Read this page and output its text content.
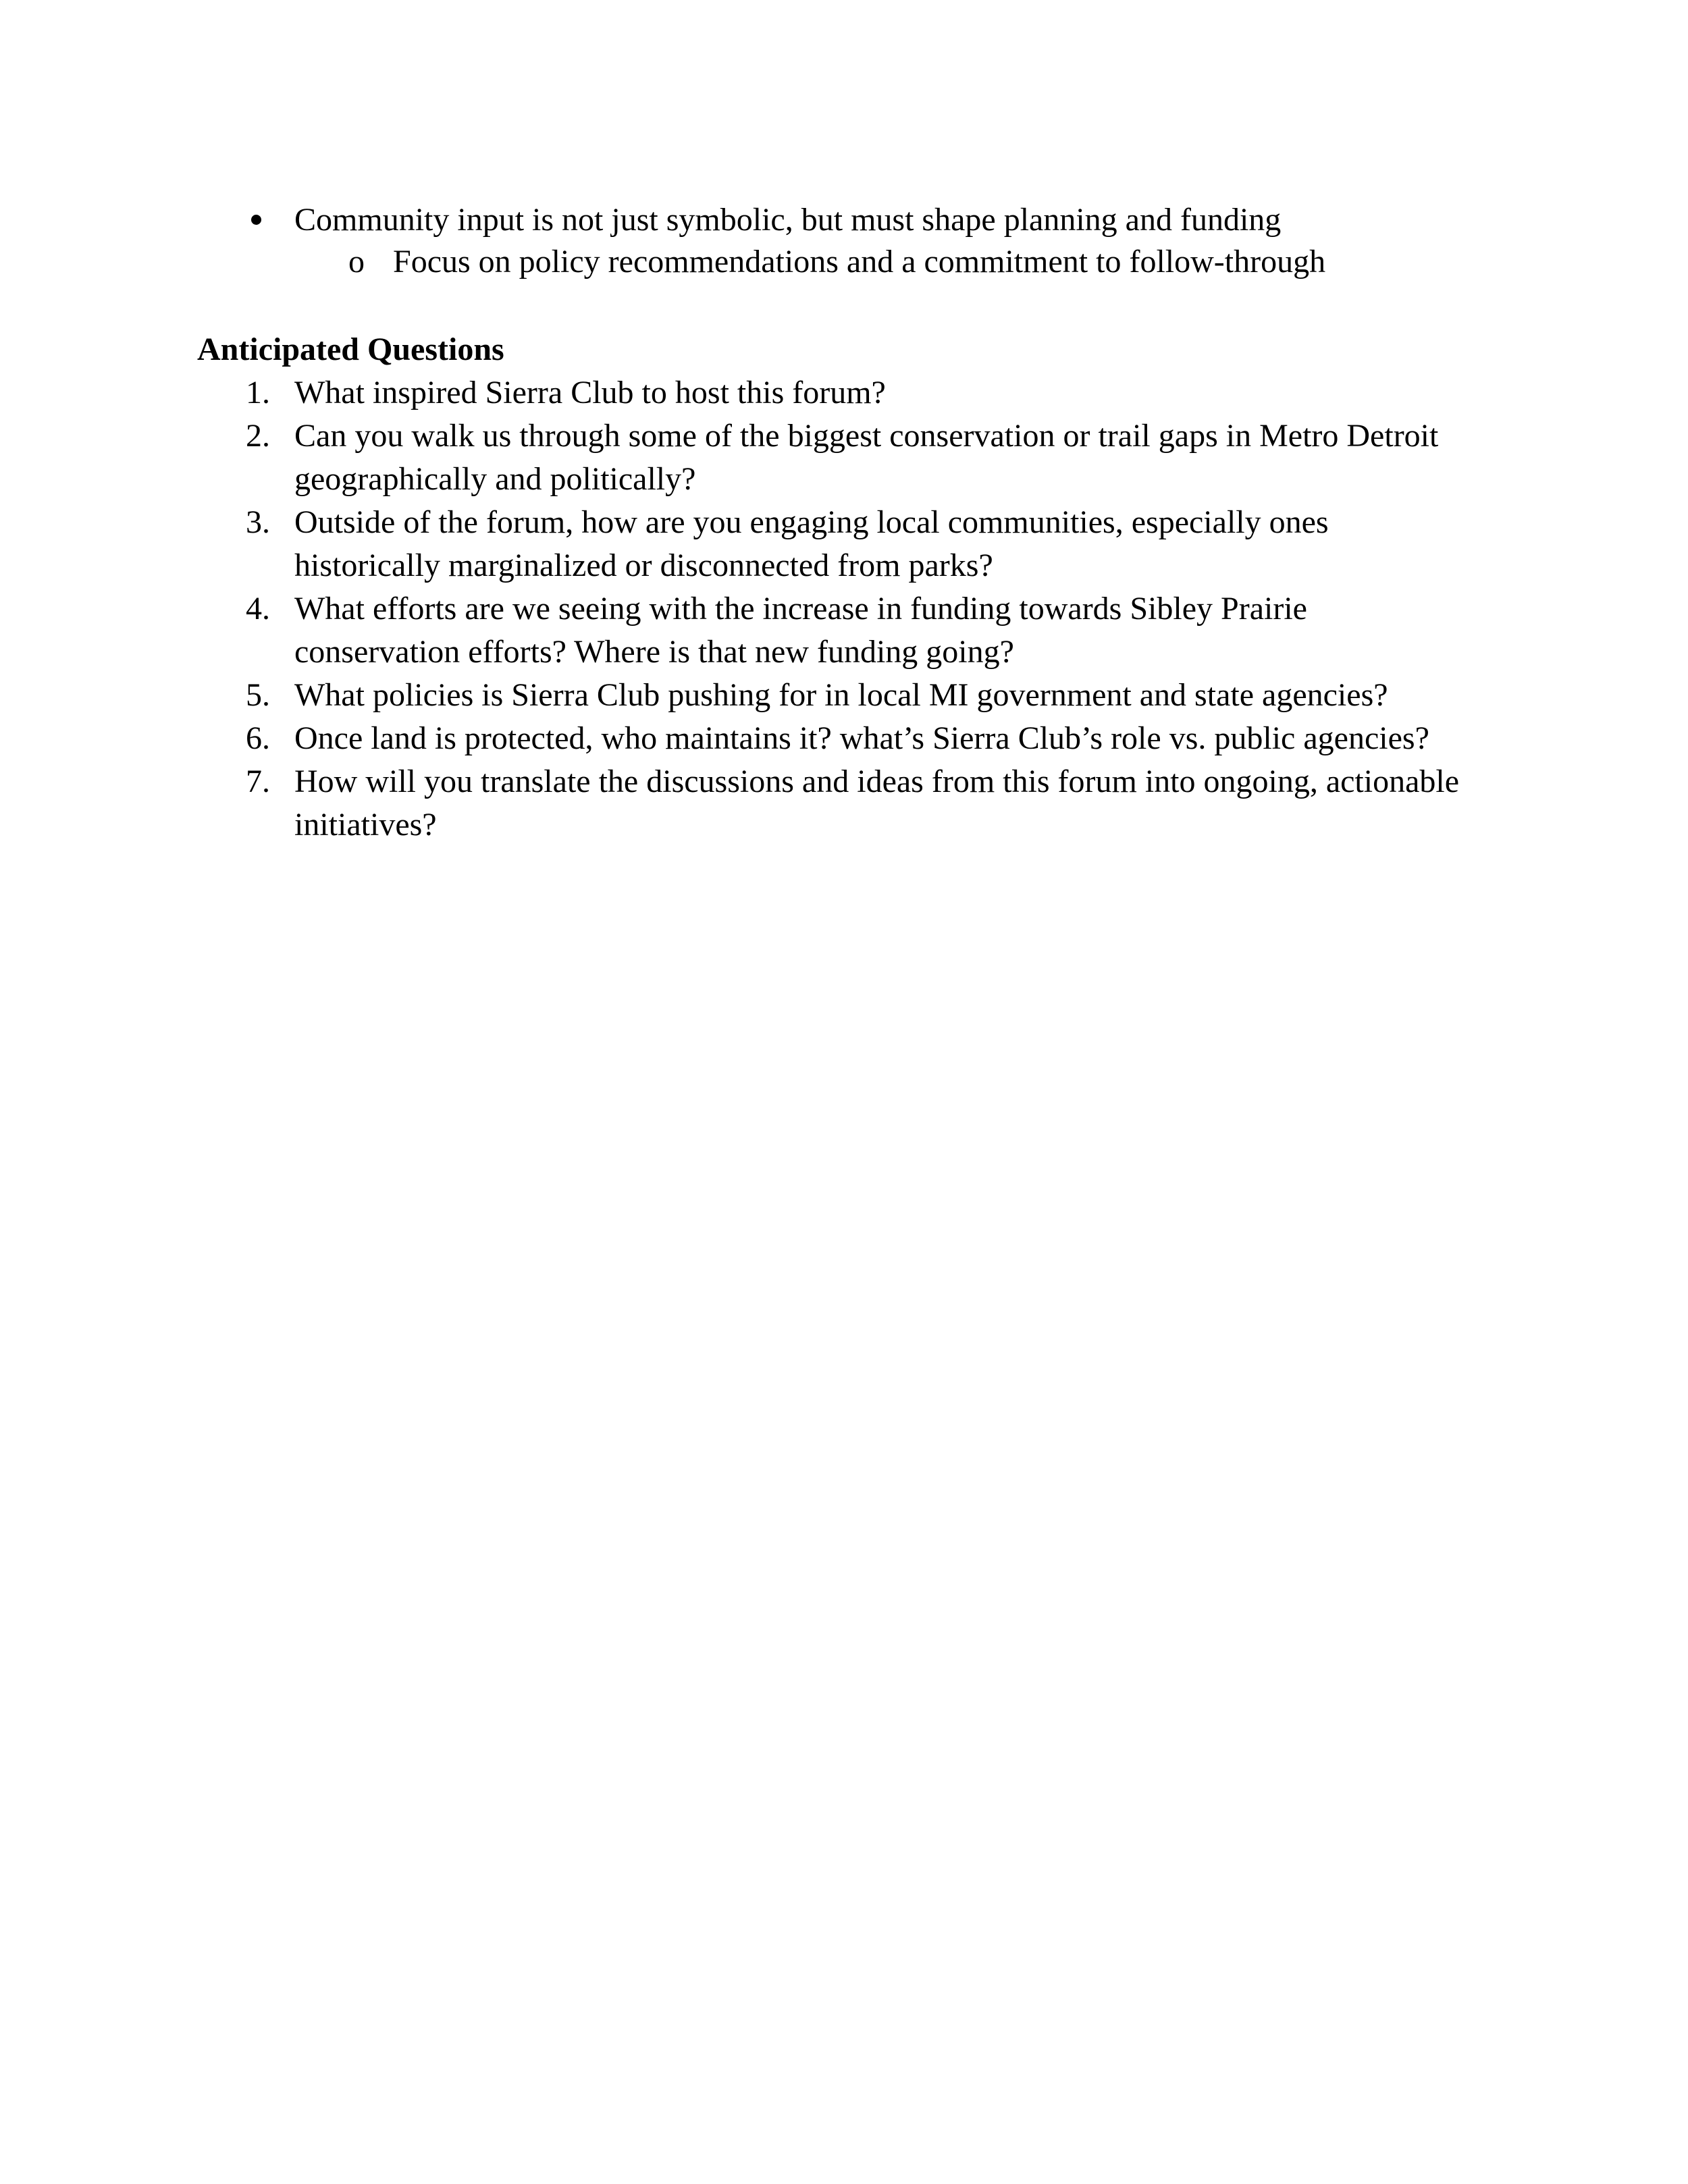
Community input is not just symbolic, but must shape planning and funding
o Focus on policy recommendations and a commitment to follow-through
Anticipated Questions
1. What inspired Sierra Club to host this forum?
2. Can you walk us through some of the biggest conservation or trail gaps in Metro Detroit
geographically and politically?
3. Outside of the forum, how are you engaging local communities, especially ones
historically marginalized or disconnected from parks?
4. What efforts are we seeing with the increase in funding towards Sibley Prairie
conservation efforts? Where is that new funding going?
5. What policies is Sierra Club pushing for in local MI government and state agencies?
6. Once land is protected, who maintains it? what’s Sierra Club’s role vs. public agencies?
7. How will you translate the discussions and ideas from this forum into ongoing, actionable
initiatives?
